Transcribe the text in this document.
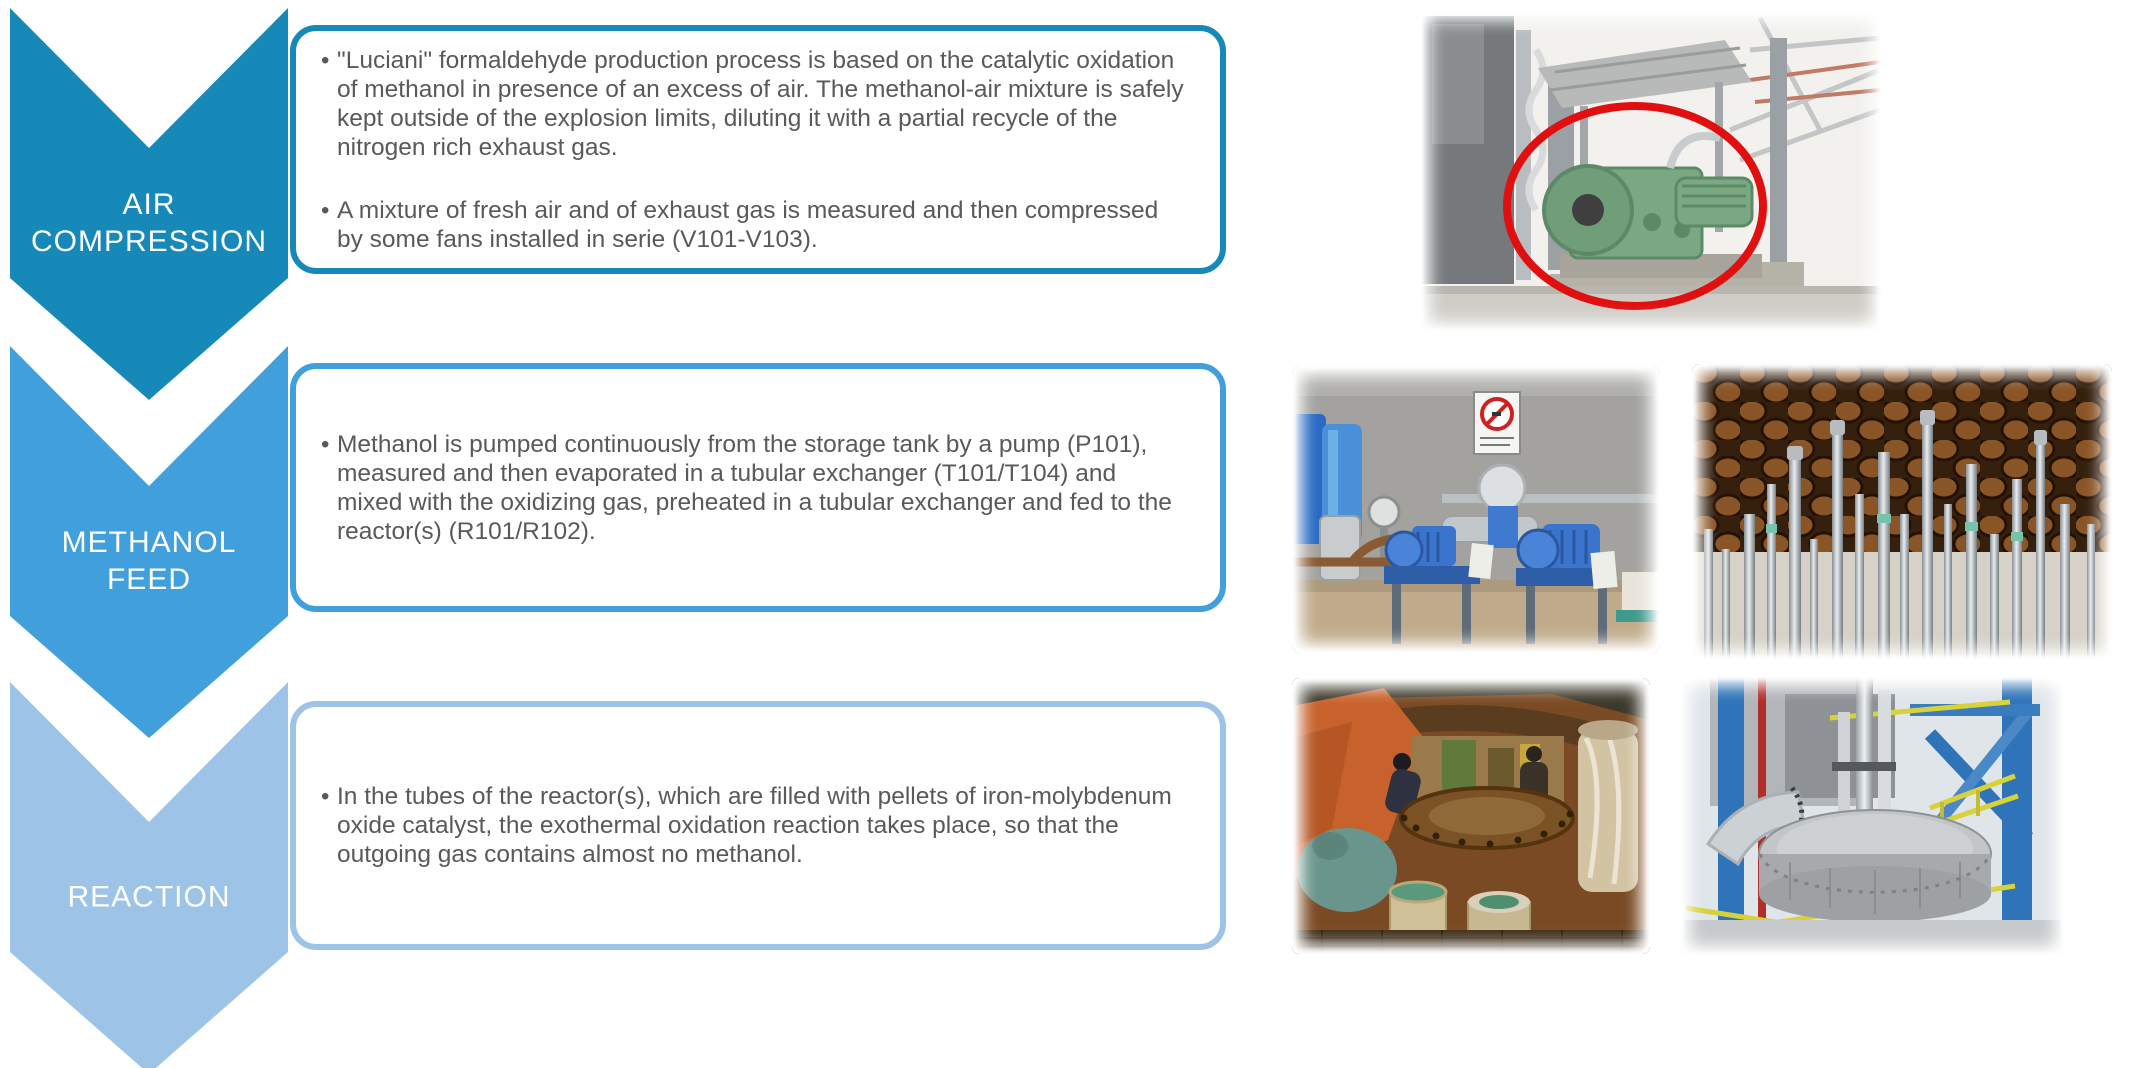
AIR
COMPRESSION
METHANOL
FEED
REACTION
• "Luciani" formaldehyde production process is based on the catalytic oxidation of methanol in presence of an excess of air. The methanol-air mixture is safely kept outside of the explosion limits, diluting it with a partial recycle of the nitrogen rich exhaust gas.
• A mixture of fresh air and of exhaust gas is measured and then compressed by some fans installed in serie (V101-V103).
• Methanol is pumped continuously from the storage tank by a pump (P101), measured and then evaporated in a tubular exchanger (T101/T104) and mixed with the oxidizing gas, preheated in a tubular exchanger and fed to the reactor(s) (R101/R102).
• In the tubes of the reactor(s), which are filled with pellets of iron-molybdenum oxide catalyst, the exothermal oxidation reaction takes place, so that the outgoing gas contains almost no methanol.
